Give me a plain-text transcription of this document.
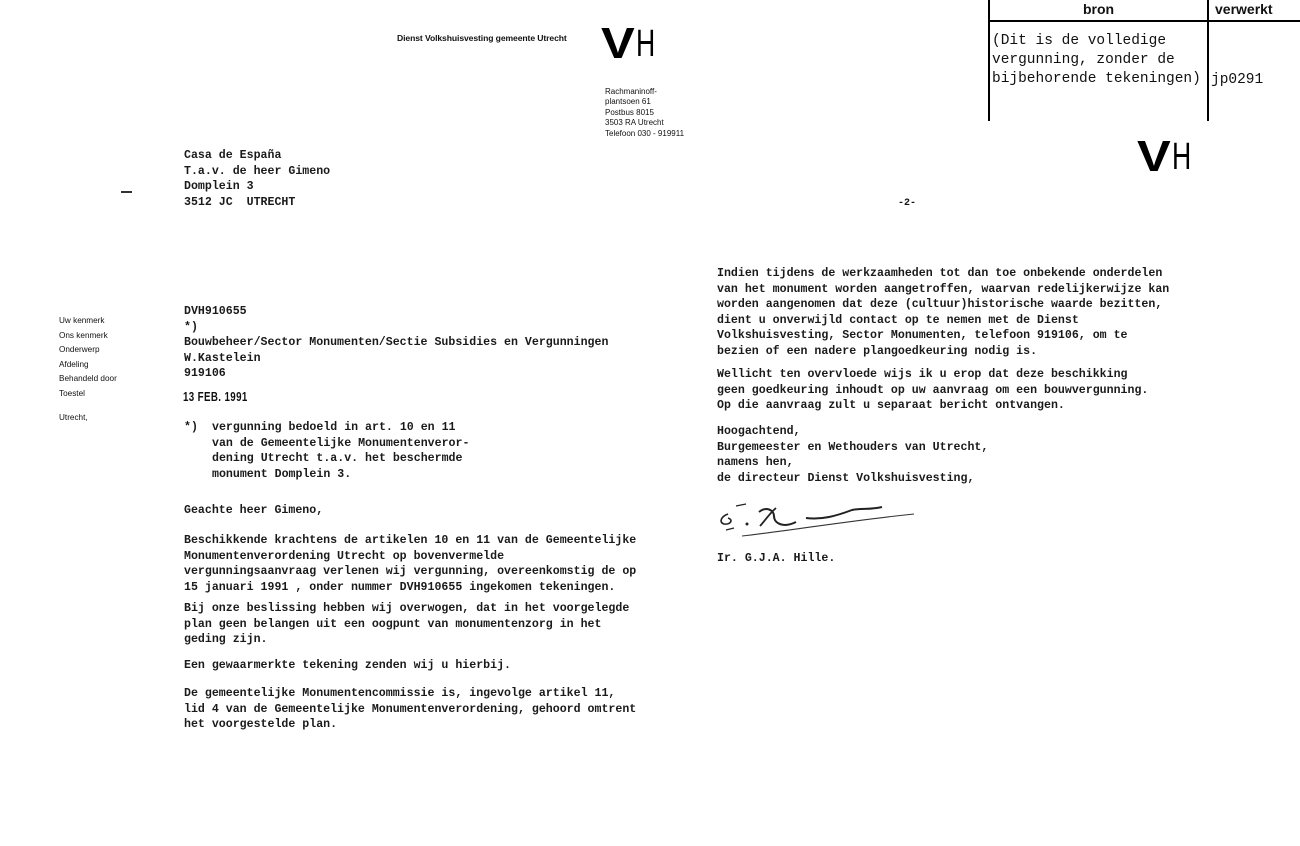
Dienst Volkshuisvesting gemeente Utrecht V H
Rachmaninoff-
plantsoen 61
Postbus 8015
3503 RA Utrecht
Telefoon 030 - 919911
bron	verwerkt
(Dit is de volledige
vergunning, zonder de
bijbehorende tekeningen) jp0291
V H
-2-
Casa de España
T.a.v. de heer Gimeno
Domplein 3
3512 JC  UTRECHT
Uw kenmerk
Ons kenmerk
Onderwerp
Afdeling
Behandeld door
Toestel
Utrecht,
DVH910655
*)
Bouwbeheer/Sector Monumenten/Sectie Subsidies en Vergunningen
W.Kastelein
919106
13 FEB. 1991
*) vergunning bedoeld in art. 10 en 11
van de Gemeentelijke Monumentenveror-
dening Utrecht t.a.v. het beschermde
monument Domplein 3.
Geachte heer Gimeno,
Beschikkende krachtens de artikelen 10 en 11 van de Gemeentelijke
Monumentenverordening Utrecht op bovenvermelde
vergunningsaanvraag verlenen wij vergunning, overeenkomstig de op
15 januari 1991 , onder nummer DVH910655 ingekomen tekeningen.
Bij onze beslissing hebben wij overwogen, dat in het voorgelegde
plan geen belangen uit een oogpunt van monumentenzorg in het
geding zijn.
Een gewaarmerkte tekening zenden wij u hierbij.
De gemeentelijke Monumentencommissie is, ingevolge artikel 11,
lid 4 van de Gemeentelijke Monumentenverordening, gehoord omtrent
het voorgestelde plan.
Indien tijdens de werkzaamheden tot dan toe onbekende onderdelen
van het monument worden aangetroffen, waarvan redelijkerwijze kan
worden aangenomen dat deze (cultuur)historische waarde bezitten,
dient u onverwijld contact op te nemen met de Dienst
Volkshuisvesting, Sector Monumenten, telefoon 919106, om te
bezien of een nadere plangoedkeuring nodig is.
Wellicht ten overvloede wijs ik u erop dat deze beschikking
geen goedkeuring inhoudt op uw aanvraag om een bouwvergunning.
Op die aanvraag zult u separaat bericht ontvangen.
Hoogachtend,
Burgemeester en Wethouders van Utrecht,
namens hen,
de directeur Dienst Volkshuisvesting,
Ir. G.J.A. Hille.
